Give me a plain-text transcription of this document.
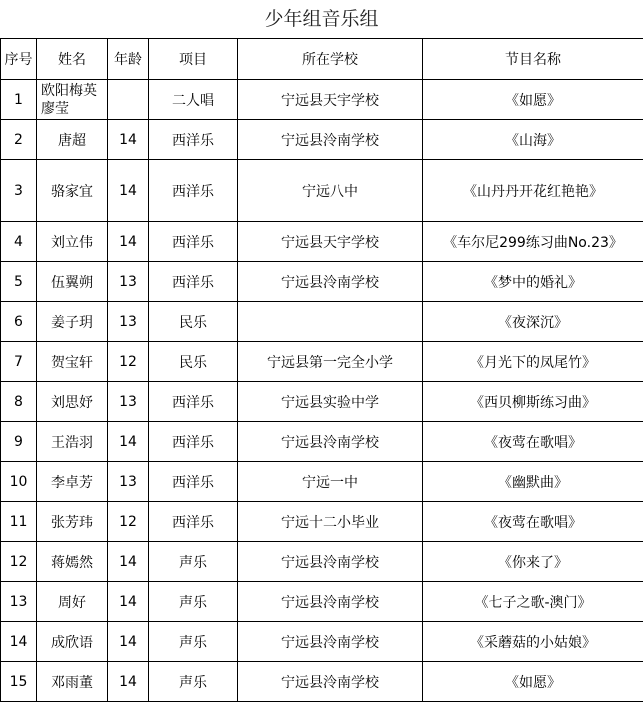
少年组音乐组
序号	姓名	年龄	项目	所在学校	节目名称
1	欧阳梅英 廖莹		二人唱	宁远县天宇学校	《如愿》
2	唐超	14	西洋乐	宁远县泠南学校	《山海》
3	骆家宜	14	西洋乐	宁远八中	《山丹丹开花红艳艳》
4	刘立伟	14	西洋乐	宁远县天宇学校	《车尔尼299练习曲No.23》
5	伍翼朔	13	西洋乐	宁远县泠南学校	《梦中的婚礼》
6	姜子玥	13	民乐		《夜深沉》
7	贺宝轩	12	民乐	宁远县第一完全小学	《月光下的凤尾竹》
8	刘思妤	13	西洋乐	宁远县实验中学	《西贝柳斯练习曲》
9	王浩羽	14	西洋乐	宁远县泠南学校	《夜莺在歌唱》
10	李卓芳	13	西洋乐	宁远一中	《幽默曲》
11	张芳玮	12	西洋乐	宁远十二小毕业	《夜莺在歌唱》
12	蒋嫣然	14	声乐	宁远县泠南学校	《你来了》
13	周好	14	声乐	宁远县泠南学校	《七子之歌-澳门》
14	成欣语	14	声乐	宁远县泠南学校	《采蘑菇的小姑娘》
15	邓雨董	14	声乐	宁远县泠南学校	《如愿》
